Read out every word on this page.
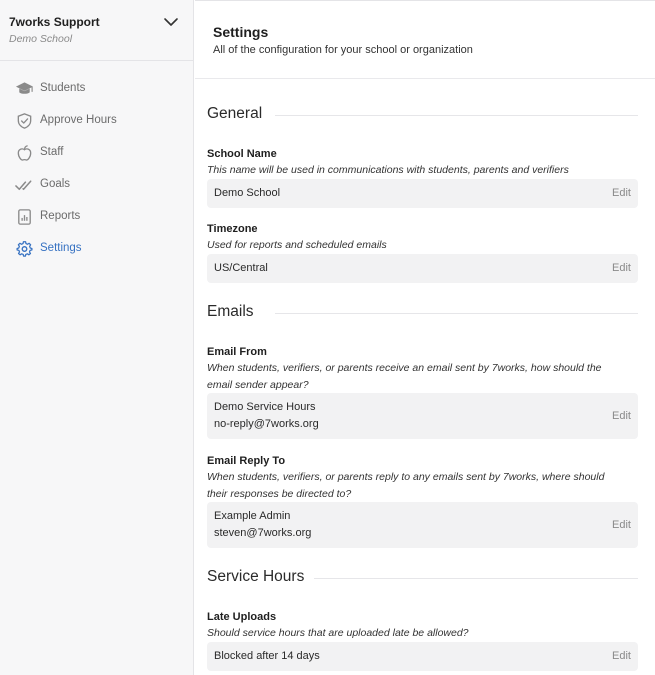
7works Support
Demo School
Students
Approve Hours
Staff
Goals
Reports
Settings
Settings
All of the configuration for your school or organization
General
School Name
This name will be used in communications with students, parents and verifiers
Demo School	Edit
Timezone
Used for reports and scheduled emails
US/Central	Edit
Emails
Email From
When students, verifiers, or parents receive an email sent by 7works, how should the email sender appear?
Demo Service Hours
no-reply@7works.org
Edit
Email Reply To
When students, verifiers, or parents reply to any emails sent by 7works, where should their responses be directed to?
Example Admin
steven@7works.org
Edit
Service Hours
Late Uploads
Should service hours that are uploaded late be allowed?
Blocked after 14 days	Edit
